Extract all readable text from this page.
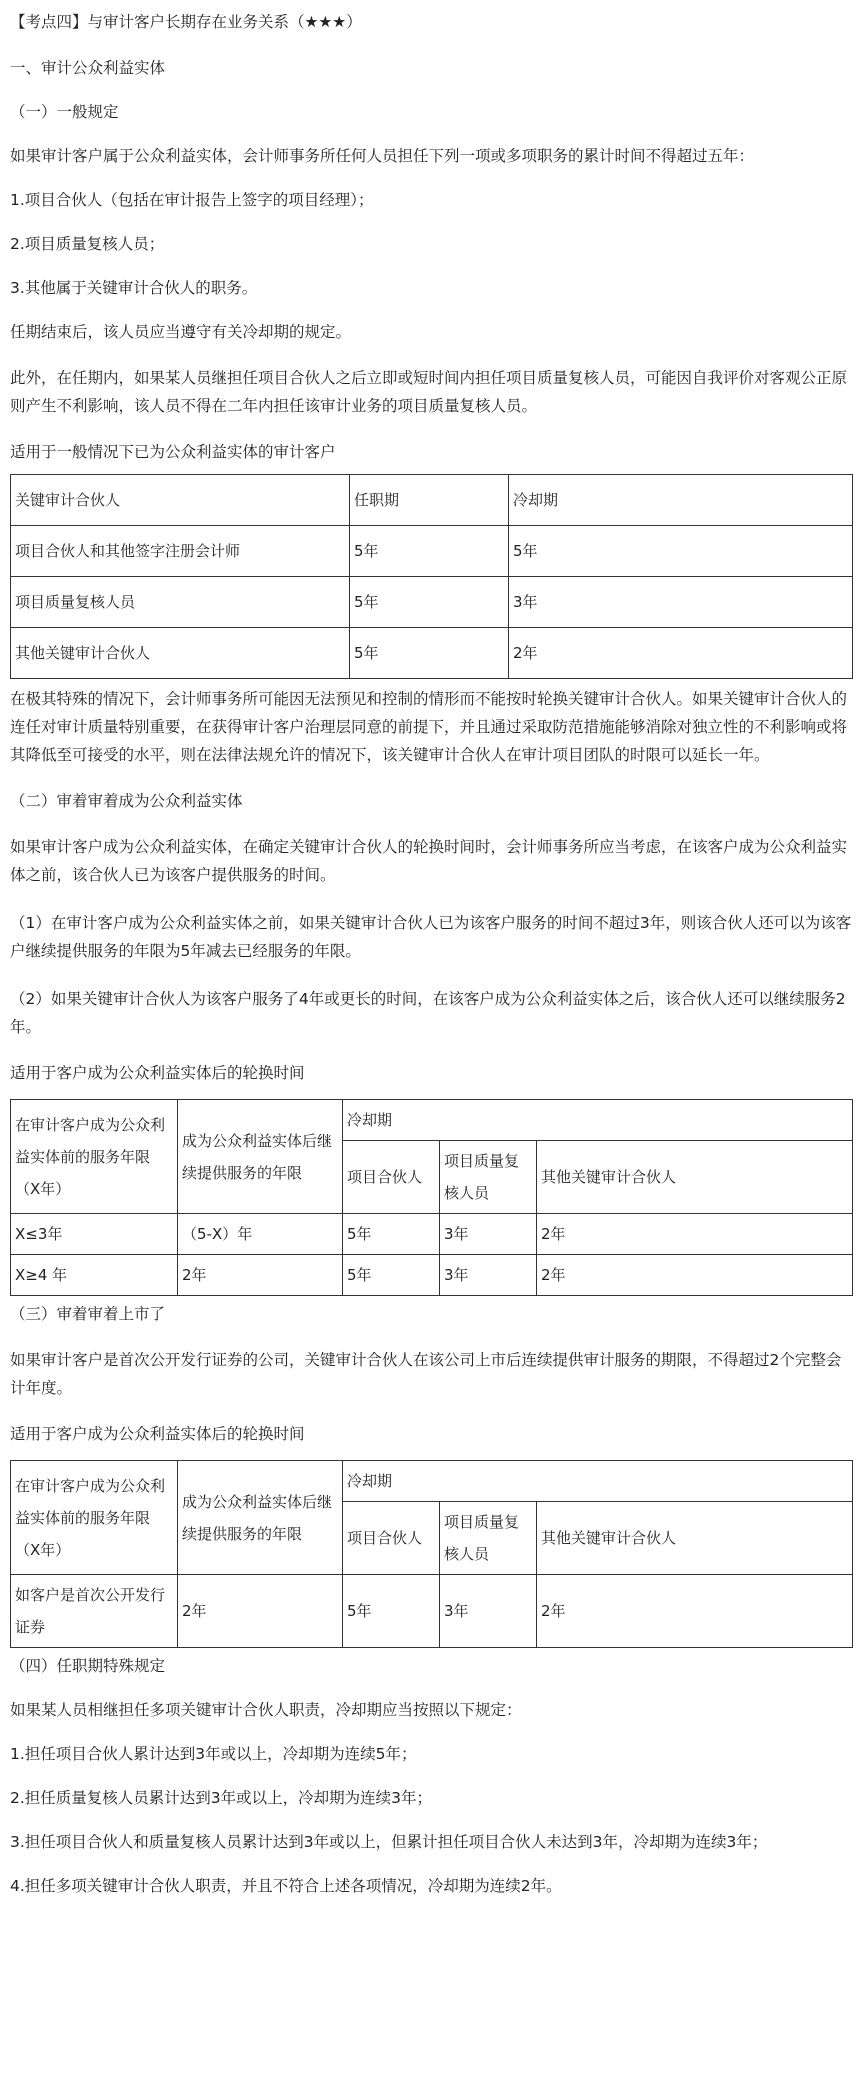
【考点四】与审计客户长期存在业务关系（★★★）

一、审计公众利益实体

（一）一般规定

如果审计客户属于公众利益实体，会计师事务所任何人员担任下列一项或多项职务的累计时间不得超过五年：

1.项目合伙人（包括在审计报告上签字的项目经理）；

2.项目质量复核人员；

3.其他属于关键审计合伙人的职务。

任期结束后，该人员应当遵守有关冷却期的规定。

此外，在任期内，如果某人员继担任项目合伙人之后立即或短时间内担任项目质量复核人员，可能因自我评价对客观公正原则产生不利影响，该人员不得在二年内担任该审计业务的项目质量复核人员。

适用于一般情况下已为公众利益实体的审计客户

关键审计合伙人	任职期	冷却期
项目合伙人和其他签字注册会计师	5年	5年
项目质量复核人员	5年	3年
其他关键审计合伙人	5年	2年

在极其特殊的情况下，会计师事务所可能因无法预见和控制的情形而不能按时轮换关键审计合伙人。如果关键审计合伙人的连任对审计质量特别重要，在获得审计客户治理层同意的前提下，并且通过采取防范措施能够消除对独立性的不利影响或将其降低至可接受的水平，则在法律法规允许的情况下，该关键审计合伙人在审计项目团队的时限可以延长一年。

（二）审着审着成为公众利益实体

如果审计客户成为公众利益实体，在确定关键审计合伙人的轮换时间时，会计师事务所应当考虑，在该客户成为公众利益实体之前，该合伙人已为该客户提供服务的时间。

（1）在审计客户成为公众利益实体之前，如果关键审计合伙人已为该客户服务的时间不超过3年，则该合伙人还可以为该客户继续提供服务的年限为5年减去已经服务的年限。

（2）如果关键审计合伙人为该客户服务了4年或更长的时间，在该客户成为公众利益实体之后，该合伙人还可以继续服务2年。

适用于客户成为公众利益实体后的轮换时间

在审计客户成为公众利益实体前的服务年限（X年）	成为公众利益实体后继续提供服务的年限	冷却期		
		项目合伙人	项目质量复核人员	其他关键审计合伙人
X≤3年	（5-X）年	5年	3年	2年
X≥4 年	2年	5年	3年	2年

（三）审着审着上市了

如果审计客户是首次公开发行证券的公司，关键审计合伙人在该公司上市后连续提供审计服务的期限，不得超过2个完整会计年度。

适用于客户成为公众利益实体后的轮换时间

在审计客户成为公众利益实体前的服务年限（X年）	成为公众利益实体后继续提供服务的年限	冷却期		
		项目合伙人	项目质量复核人员	其他关键审计合伙人
如客户是首次公开发行证券	2年	5年	3年	2年

（四）任职期特殊规定

如果某人员相继担任多项关键审计合伙人职责，冷却期应当按照以下规定：

1.担任项目合伙人累计达到3年或以上，冷却期为连续5年；

2.担任质量复核人员累计达到3年或以上，冷却期为连续3年；

3.担任项目合伙人和质量复核人员累计达到3年或以上，但累计担任项目合伙人未达到3年，冷却期为连续3年；

4.担任多项关键审计合伙人职责，并且不符合上述各项情况，冷却期为连续2年。
